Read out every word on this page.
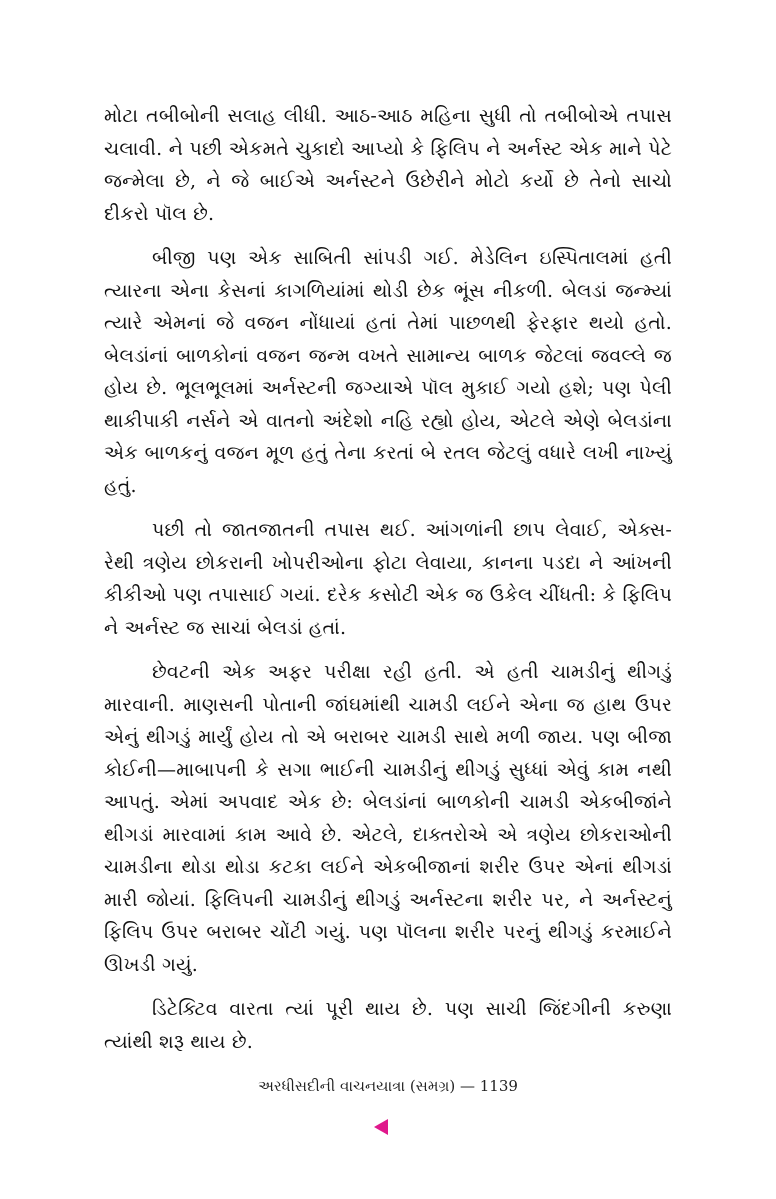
મોટા તબીબોની સલાહ લીધી. આઠ-આઠ મહિના સુધી તો તબીબોએ તપાસ ચલાવી. ને પછી એકમતે ચુકાદો આપ્યો કે ફિલિપ ને અર્નસ્ટ એક માને પેટે જન્મેલા છે, ને જે બાઈએ અર્નસ્ટને ઉછેરીને મોટો કર્યો છે તેનો સાચો દીકરો પૉલ છે.

બીજી પણ એક સાબિતી સાંપડી ગઈ. મેડેલિન ઇસ્પિતાલમાં હતી ત્યારના એના કેસનાં કાગળિયાંમાં થોડી છેક ભૂંસ નીકળી. બેલડાં જન્મ્યાં ત્યારે એમનાં જે વજન નોંધાયાં હતાં તેમાં પાછળથી ફેરફાર થયો હતો. બેલડાંનાં બાળકોનાં વજન જન્મ વખતે સામાન્ય બાળક જેટલાં જવલ્લે જ હોય છે. ભૂલભૂલમાં અર્નસ્ટની જગ્યાએ પૉલ મુકાઈ ગયો હશે; પણ પેલી થાકીપાકી નર્સને એ વાતનો અંદેશો નહિ રહ્યો હોય, એટલે એણે બેલડાંના એક બાળકનું વજન મૂળ હતું તેના કરતાં બે રતલ જેટલું વધારે લખી નાખ્યું હતું.

પછી તો જાતજાતની તપાસ થઈ. આંગળાંની છાપ લેવાઈ, એક્સ-રેથી ત્રણેય છોકરાની ખોપરીઓના ફોટા લેવાયા, કાનના પડદા ને આંખની કીકીઓ પણ તપાસાઈ ગયાં. દરેક કસોટી એક જ ઉકેલ ચીંધતી: કે ફિલિપ ને અર્નસ્ટ જ સાચાં બેલડાં હતાં.

છેવટની એક અફર પરીક્ષા રહી હતી. એ હતી ચામડીનું થીગડું મારવાની. માણસની પોતાની જાંઘમાંથી ચામડી લઈને એના જ હાથ ઉપર એનું થીગડું માર્યું હોય તો એ બરાબર ચામડી સાથે મળી જાય. પણ બીજા કોઈની—માબાપની કે સગા ભાઈની ચામડીનું થીગડું સુધ્ધાં એવું કામ નથી આપતું. એમાં અપવાદ એક છે: બેલડાંનાં બાળકોની ચામડી એકબીજાંને થીગડાં મારવામાં કામ આવે છે. એટલે, દાક્તરોએ એ ત્રણેય છોકરાઓની ચામડીના થોડા થોડા કટકા લઈને એકબીજાનાં શરીર ઉપર એનાં થીગડાં મારી જોયાં. ફિલિપની ચામડીનું થીગડું અર્નસ્ટના શરીર પર, ને અર્નસ્ટનું ફિલિપ ઉપર બરાબર ચોંટી ગયું. પણ પૉલના શરીર પરનું થીગડું કરમાઈને ઊખડી ગયું.

ડિટેક્ટિવ વારતા ત્યાં પૂરી થાય છે. પણ સાચી જિંદગીની કરુણા ત્યાંથી શરૂ થાય છે.

અરધીસદીની વાચનયાત્રા (સમગ્ર) — 1139
